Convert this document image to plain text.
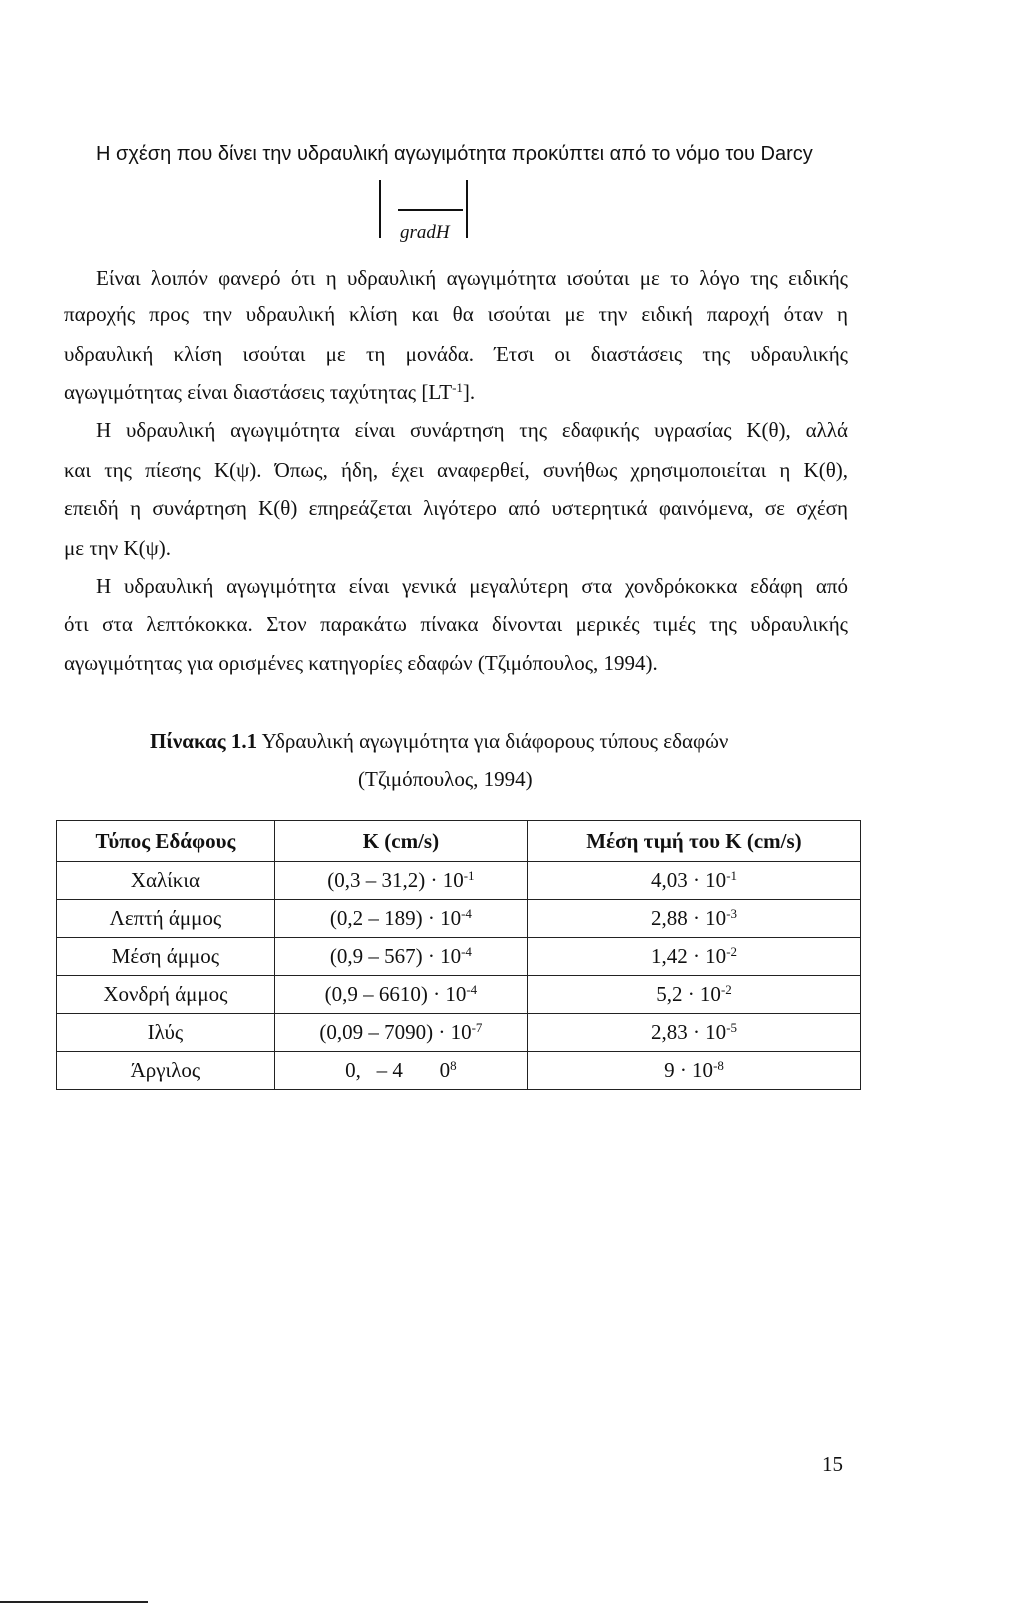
Η σχέση που δίνει την υδραυλική αγωγιμότητα προκύπτει από το νόμο του Darcy
gradH
Είναι λοιπόν φανερό ότι η υδραυλική αγωγιμότητα ισούται με το λόγο της ειδικής
παροχής προς την υδραυλική κλίση και θα ισούται με την ειδική παροχή όταν η
υδραυλική κλίση ισούται με τη μονάδα. Έτσι οι διαστάσεις της υδραυλικής
αγωγιμότητας είναι διαστάσεις ταχύτητας $[LT^{-1}]$.
Η υδραυλική αγωγιμότητα είναι συνάρτηση της εδαφικής υγρασίας Κ(θ), αλλά
και της πίεσης Κ(ψ). Όπως, ήδη, έχει αναφερθεί, συνήθως χρησιμοποιείται η Κ(θ),
επειδή η συνάρτηση Κ(θ) επηρεάζεται λιγότερο από υστερητικά φαινόμενα, σε σχέση
με την Κ(ψ).
Η υδραυλική αγωγιμότητα είναι γενικά μεγαλύτερη στα χονδρόκοκκα εδάφη από
ότι στα λεπτόκοκκα. Στον παρακάτω πίνακα δίνονται μερικές τιμές της υδραυλικής
αγωγιμότητας για ορισμένες κατηγορίες εδαφών (Τζιμόπουλος, 1994).
Πίνακας 1.1 Υδραυλική αγωγιμότητα για διάφορους τύπους εδαφών
(Τζιμόπουλος, 1994)
Τύπος Εδάφους	K (cm/s)	Μέση τιμή του K (cm/s)
Χαλίκια	$(0,3 - 31,2) \cdot 10^{-1}$	$4,03 \cdot 10^{-1}$
Λεπτή άμμος	$(0,2 - 189) \cdot 10^{-4}$	$2,88 \cdot 10^{-3}$
Μέση άμμος	$(0,9 - 567) \cdot 10^{-4}$	$1,42 \cdot 10^{-2}$
Χονδρή άμμος	$(0,9 - 6610) \cdot 10^{-4}$	$5,2 \cdot 10^{-2}$
Ιλύς	$(0,09 - 7090) \cdot 10^{-7}$	$2,83 \cdot 10^{-5}$
Άργιλος	0,   – 4       $0^8$	$9 \cdot 10^{-8}$
15
